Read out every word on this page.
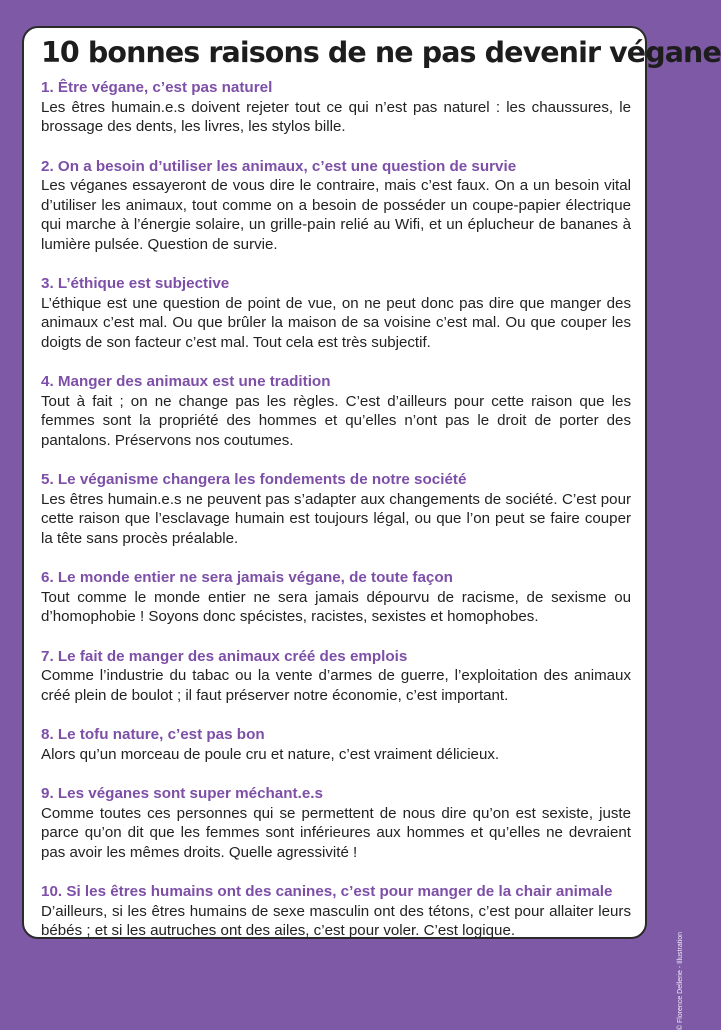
10 bonnes raisons de ne pas devenir végane
1. Être végane, c’est pas naturel
Les êtres humain.e.s doivent rejeter tout ce qui n’est pas naturel : les chaussures, le brossage des dents, les livres, les stylos bille.
2. On a besoin d’utiliser les animaux, c’est une question de survie
Les véganes essayeront de vous dire le contraire, mais c’est faux. On a un besoin vital d’utiliser les animaux, tout comme on a besoin de posséder un coupe-papier électrique qui marche à l’énergie solaire, un grille-pain relié au Wifi, et un éplucheur de bananes à lumière pulsée. Question de survie.
3. L’éthique est subjective
L’éthique est une question de point de vue, on ne peut donc pas dire que manger des animaux c’est mal. Ou que brûler la maison de sa voisine c’est mal. Ou que couper les doigts de son facteur c’est mal. Tout cela est très subjectif.
4. Manger des animaux est une tradition
Tout à fait ; on ne change pas les règles. C’est d’ailleurs pour cette raison que les femmes sont la propriété des hommes et qu’elles n’ont pas le droit de porter des pantalons. Préservons nos coutumes.
5. Le véganisme changera les fondements de notre société
Les êtres humain.e.s ne peuvent pas s’adapter aux changements de société. C’est pour cette raison que l’esclavage humain est toujours légal, ou que l’on peut se faire couper la tête sans procès préalable.
6. Le monde entier ne sera jamais végane, de toute façon
Tout comme le monde entier ne sera jamais dépourvu de racisme, de sexisme ou d’homophobie ! Soyons donc spécistes, racistes, sexistes et homophobes.
7. Le fait de manger des animaux créé des emplois
Comme l’industrie du tabac ou la vente d’armes de guerre, l’exploitation des animaux créé plein de boulot ; il faut préserver notre économie, c’est important.
8. Le tofu nature, c’est pas bon
Alors qu’un morceau de poule cru et nature, c’est vraiment délicieux.
9. Les véganes sont super méchant.e.s
Comme toutes ces personnes qui se permettent de nous dire qu’on est sexiste, juste parce qu’on dit que les femmes sont inférieures aux hommes et qu’elles ne devraient pas avoir les mêmes droits. Quelle agressivité !
10. Si les êtres humains ont des canines, c’est pour manger de la chair animale
D’ailleurs, si les êtres humains de sexe masculin ont des tétons, c’est pour allaiter leurs bébés ; et si les autruches ont des ailes, c’est pour voler. C’est logique.
© Florence Dellerie - Illustration
